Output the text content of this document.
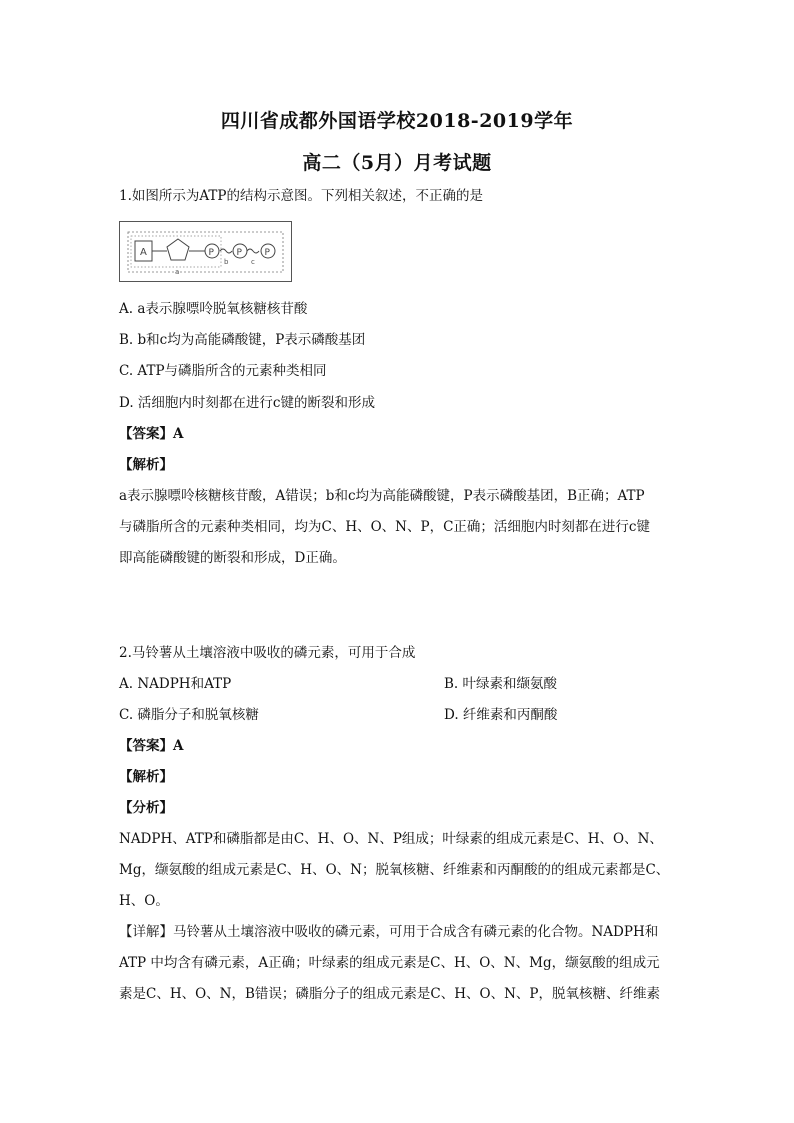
四川省成都外国语学校2018-2019学年
高二（5月）月考试题
1.如图所示为ATP的结构示意图。下列相关叙述，不正确的是
A	P
b
P
c
P
a
A. a表示腺嘌呤脱氧核糖核苷酸
B. b和c均为高能磷酸键，P表示磷酸基团
C. ATP与磷脂所含的元素种类相同
D. 活细胞内时刻都在进行c键的断裂和形成
【答案】A
【解析】
a表示腺嘌呤核糖核苷酸，A错误；b和c均为高能磷酸键，P表示磷酸基团，B正确；ATP
与磷脂所含的元素种类相同，均为C、H、O、N、P，C正确；活细胞内时刻都在进行c键
即高能磷酸键的断裂和形成，D正确。
2.马铃薯从土壤溶液中吸收的磷元素，可用于合成
A. NADPH和ATP	B. 叶绿素和缬氨酸
C. 磷脂分子和脱氧核糖	D. 纤维素和丙酮酸
【答案】A
【解析】
【分析】
NADPH、ATP和磷脂都是由C、H、O、N、P组成；叶绿素的组成元素是C、H、O、N、
Mg，缬氨酸的组成元素是C、H、O、N；脱氧核糖、纤维素和丙酮酸的的组成元素都是C、
H、O。
【详解】马铃薯从土壤溶液中吸收的磷元素，可用于合成含有磷元素的化合物。NADPH和
ATP 中均含有磷元素，A正确；叶绿素的组成元素是C、H、O、N、Mg，缬氨酸的组成元
素是C、H、O、N，B错误；磷脂分子的组成元素是C、H、O、N、P，脱氧核糖、纤维素
